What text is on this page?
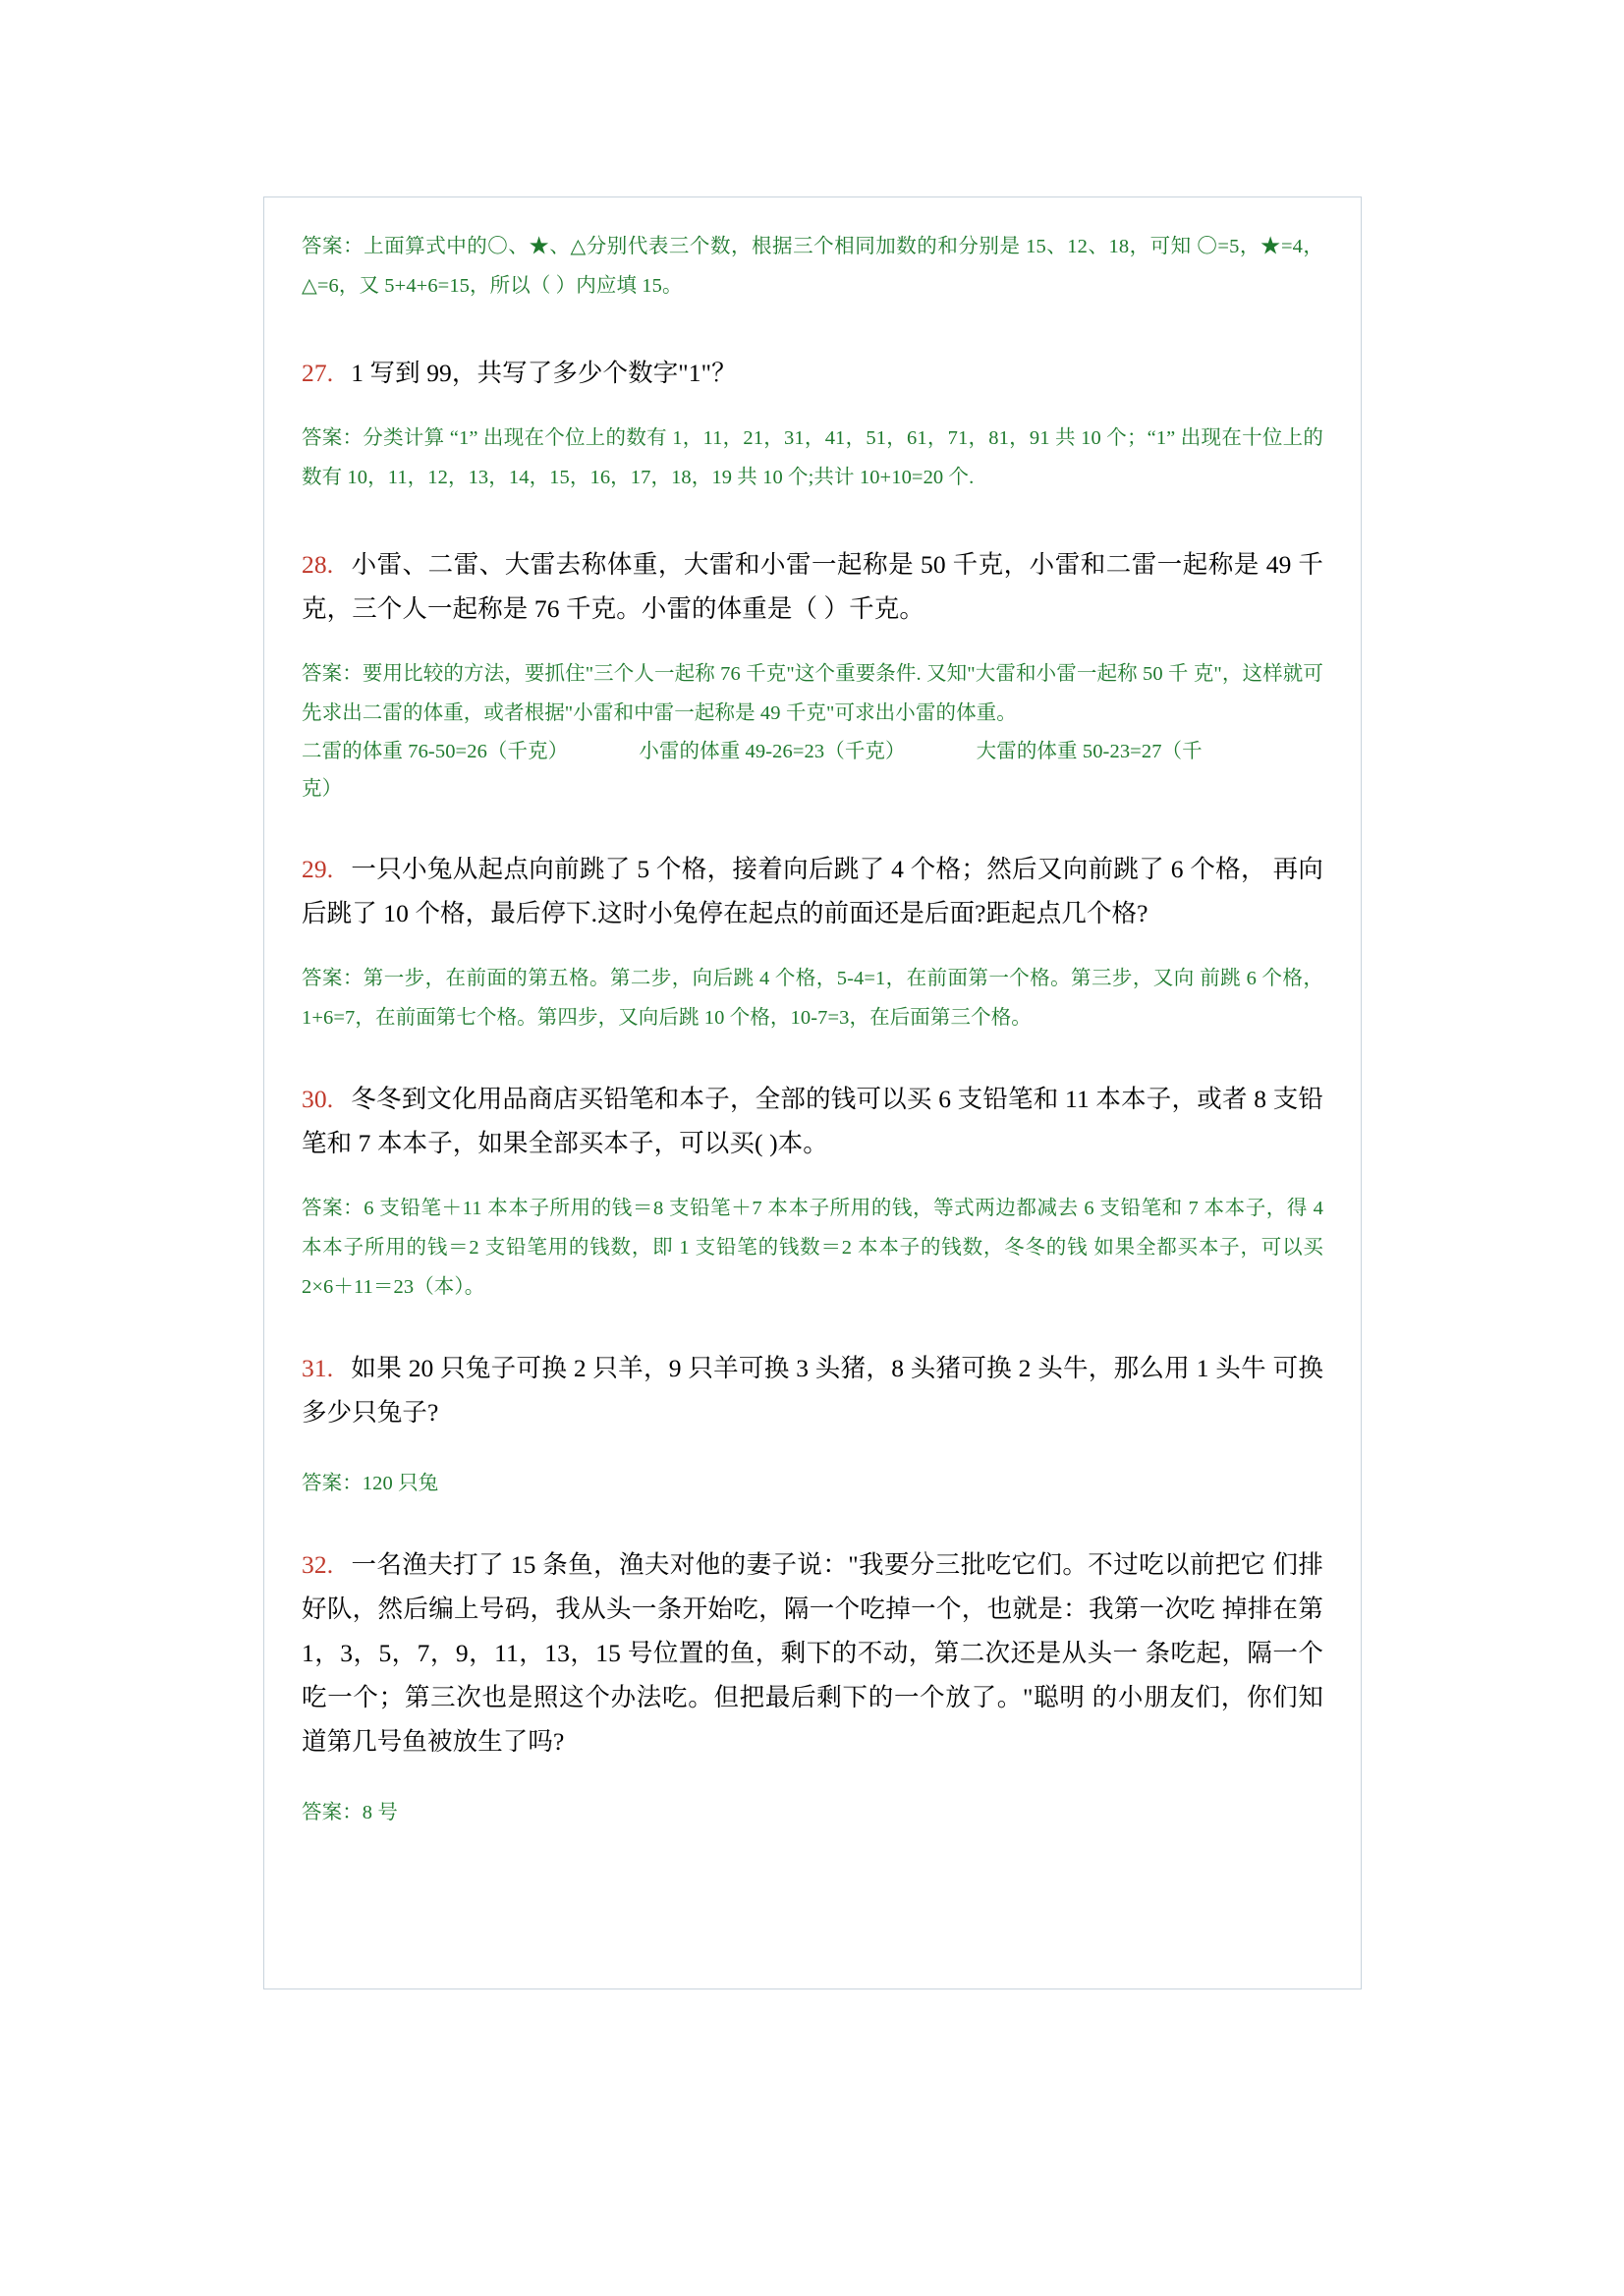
答案：上面算式中的〇、★、△分别代表三个数，根据三个相同加数的和分别是 15、12、18，可知 〇=5，★=4，△=6，又 5+4+6=15，所以（ ）内应填 15。

27. 1 写到 99，共写了多少个数字"1"？

答案：分类计算 “1” 出现在个位上的数有 1，11，21，31，41，51，61，71，81，91 共 10 个；“1” 出现在十位上的数有 10，11，12，13，14，15，16，17，18，19 共 10 个;共计 10+10=20 个.

28. 小雷、二雷、大雷去称体重，大雷和小雷一起称是 50 千克，小雷和二雷一起称是 49 千克，三个人一起称是 76 千克。小雷的体重是（ ）千克。

答案：要用比较的方法，要抓住"三个人一起称 76 千克"这个重要条件. 又知"大雷和小雷一起称 50 千 克"，这样就可先求出二雷的体重，或者根据"小雷和中雷一起称是 49 千克"可求出小雷的体重。

二雷的体重 76-50=26（千克）	小雷的体重 49-26=23（千克）	大雷的体重 50-23=27（千

克）

29. 一只小兔从起点向前跳了 5 个格，接着向后跳了 4 个格；然后又向前跳了 6 个格， 再向后跳了 10 个格，最后停下.这时小兔停在起点的前面还是后面?距起点几个格?

答案：第一步，在前面的第五格。第二步，向后跳 4 个格，5-4=1，在前面第一个格。第三步，又向 前跳 6 个格，1+6=7，在前面第七个格。第四步，又向后跳 10 个格，10-7=3，在后面第三个格。

30. 冬冬到文化用品商店买铅笔和本子，全部的钱可以买 6 支铅笔和 11 本本子，或者 8 支铅笔和 7 本本子，如果全部买本子，可以买( )本。

答案：6 支铅笔＋11 本本子所用的钱＝8 支铅笔＋7 本本子所用的钱，等式两边都减去 6 支铅笔和 7 本本子，得 4 本本子所用的钱＝2 支铅笔用的钱数，即 1 支铅笔的钱数＝2 本本子的钱数，冬冬的钱 如果全都买本子，可以买 2×6＋11＝23（本）。

31. 如果 20 只兔子可换 2 只羊，9 只羊可换 3 头猪，8 头猪可换 2 头牛，那么用 1 头牛 可换多少只兔子?

答案：120 只兔

32. 一名渔夫打了 15 条鱼，渔夫对他的妻子说："我要分三批吃它们。不过吃以前把它 们排好队，然后编上号码，我从头一条开始吃，隔一个吃掉一个，也就是：我第一次吃 掉排在第 1，3，5，7，9，11，13，15 号位置的鱼，剩下的不动，第二次还是从头一 条吃起，隔一个吃一个；第三次也是照这个办法吃。但把最后剩下的一个放了。"聪明 的小朋友们，你们知道第几号鱼被放生了吗?

答案：8 号
